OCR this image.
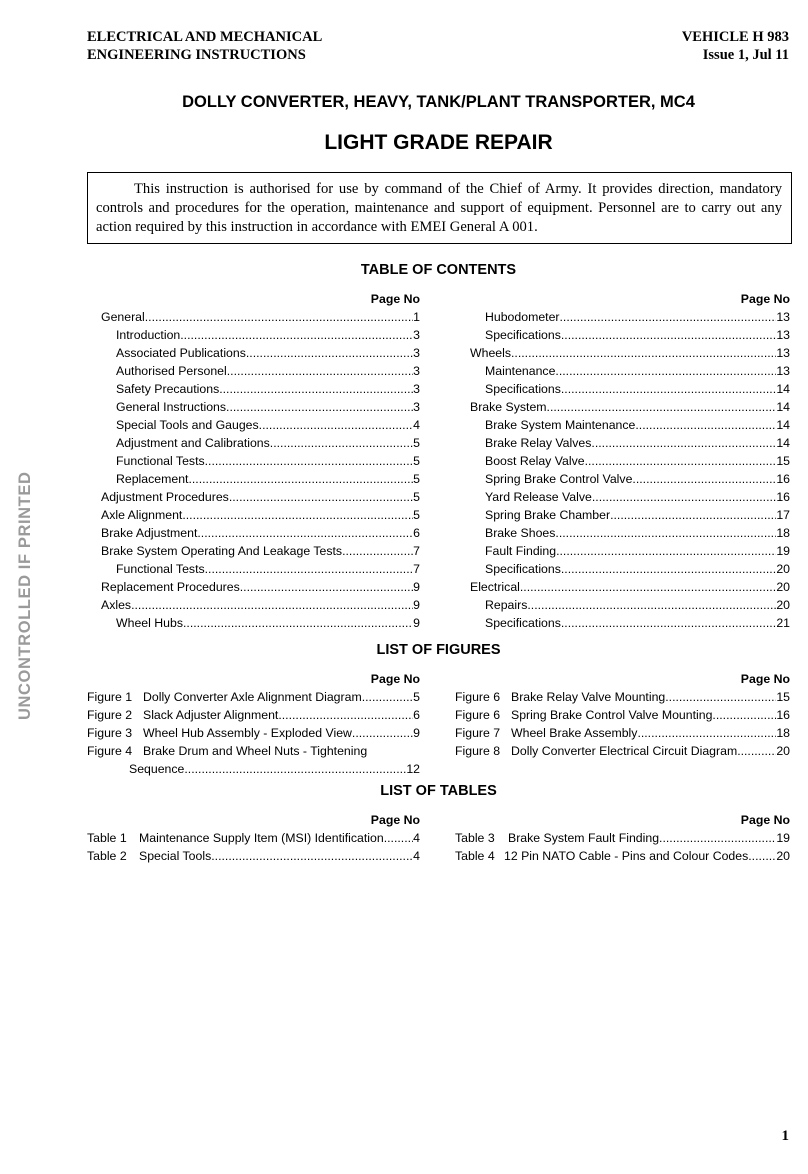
ELECTRICAL AND MECHANICAL
ENGINEERING INSTRUCTIONS
VEHICLE H 983
Issue 1, Jul 11
DOLLY CONVERTER, HEAVY, TANK/PLANT TRANSPORTER, MC4
LIGHT GRADE REPAIR
This instruction is authorised for use by command of the Chief of Army. It provides direction, mandatory controls and procedures for the operation, maintenance and support of equipment. Personnel are to carry out any action required by this instruction in accordance with EMEI General A 001.
TABLE OF CONTENTS
Page No
General .....	1
Introduction .....	3
Associated Publications .....	3
Authorised Personel .....	3
Safety Precautions .....	3
General Instructions .....	3
Special Tools and Gauges .....	4
Adjustment and Calibrations .....	5
Functional Tests .....	5
Replacement .....	5
Adjustment Procedures .....	5
Axle Alignment .....	5
Brake Adjustment .....	6
Brake System Operating And Leakage Tests .....	7
Functional Tests .....	7
Replacement Procedures .....	9
Axles .....	9
Wheel Hubs .....	9
Page No
Hubodometer .....	13
Specifications .....	13
Wheels .....	13
Maintenance .....	13
Specifications .....	14
Brake System .....	14
Brake System Maintenance .....	14
Brake Relay Valves .....	14
Boost Relay Valve .....	15
Spring Brake Control Valve .....	16
Yard Release Valve .....	16
Spring Brake Chamber .....	17
Brake Shoes. .....	18
Fault Finding .....	19
Specifications .....	20
Electrical .....	20
Repairs .....	20
Specifications .....	21
LIST OF FIGURES
Page No
Figure 1 Dolly Converter Axle Alignment Diagram .....	5
Figure 2 Slack Adjuster Alignment .....	6
Figure 3 Wheel Hub Assembly - Exploded View .....	9
Figure 4 Brake Drum and Wheel Nuts - Tightening
Sequence .....	12
Page No
Figure 6 Brake Relay Valve Mounting .....	15
Figure 6 Spring Brake Control Valve Mounting .....	16
Figure 7 Wheel Brake Assembly .....	18
Figure 8 Dolly Converter Electrical Circuit Diagram .....	20
LIST OF TABLES
Page No
Table 1	Maintenance Supply Item (MSI) Identification ..... 4
Table 2	Special Tools .....	4
Page No
Table 3	Brake System Fault Finding .....	19
Table 4 12 Pin NATO Cable - Pins and Colour Codes ..... 20
UNCONTROLLED IF PRINTED
1
